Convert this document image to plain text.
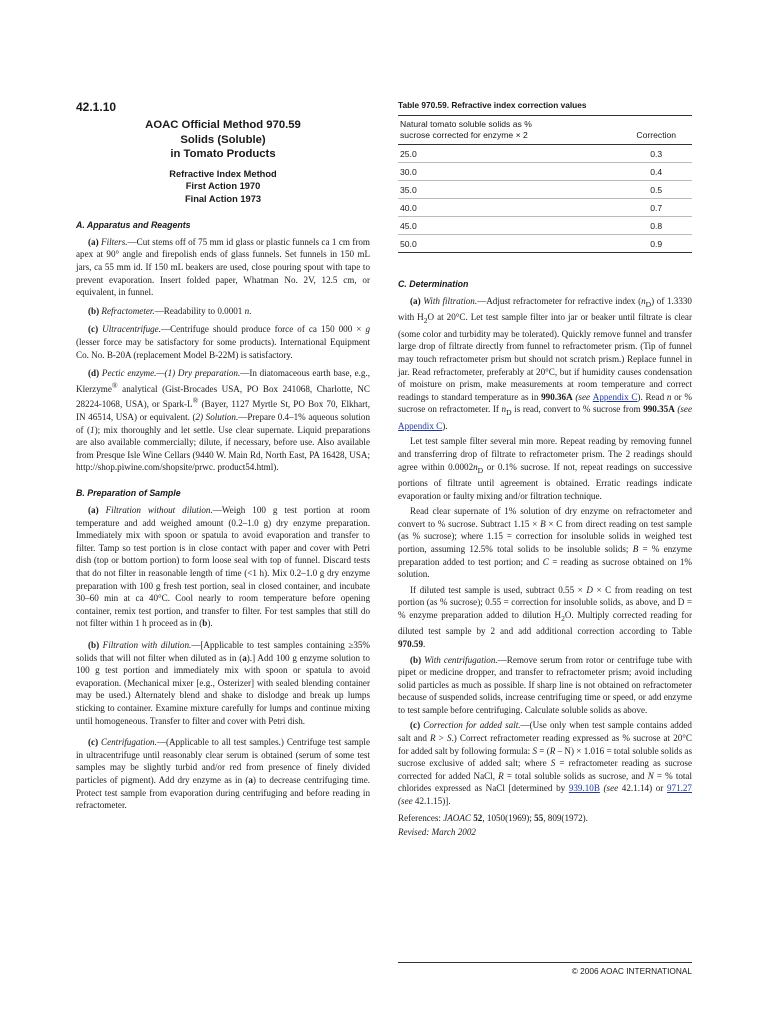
42.1.10
AOAC Official Method 970.59
Solids (Soluble)
in Tomato Products
Refractive Index Method
First Action 1970
Final Action 1973
A. Apparatus and Reagents

(a) Filters.—Cut stems off of 75 mm id glass or plastic funnels ca 1 cm from apex at 90° angle and firepolish ends of glass funnels. Set funnels in 150 mL jars, ca 55 mm id. If 150 mL beakers are used, close pouring spout with tape to prevent evaporation. Insert folded paper, Whatman No. 2V, 12.5 cm, or equivalent, in funnel.

(b) Refractometer.—Readability to 0.0001 n.

(c) Ultracentrifuge.—Centrifuge should produce force of ca 150 000 × g (lesser force may be satisfactory for some products). International Equipment Co. No. B-20A (replacement Model B-22M) is satisfactory.

(d) Pectic enzyme.—(1) Dry preparation.—In diatomaceous earth base, e.g., Klerzyme® analytical (Gist-Brocades USA, PO Box 241068, Charlotte, NC 28224-1068, USA), or Spark-L® (Bayer, 1127 Myrtle St, PO Box 70, Elkhart, IN 46514, USA) or equivalent. (2) Solution.—Prepare 0.4–1% aqueous solution of (1); mix thoroughly and let settle. Use clear supernate. Liquid preparations are also available commercially; dilute, if necessary, before use. Also available from Presque Isle Wine Cellars (9440 W. Main Rd, North East, PA 16428, USA; http://shop.piwine.com/shopsite/prwc. product54.html).

B. Preparation of Sample

(a) Filtration without dilution.—Weigh 100 g test portion at room temperature and add weighed amount (0.2–1.0 g) dry enzyme preparation. Immediately mix with spoon or spatula to avoid evaporation and transfer to filter. Tamp so test portion is in close contact with paper and cover with Petri dish (top or bottom portion) to form loose seal with top of funnel. Discard tests that do not filter in reasonable length of time (<1 h). Mix 0.2–1.0 g dry enzyme preparation with 100 g fresh test portion, seal in closed container, and incubate 30–60 min at ca 40°C. Cool nearly to room temperature before opening container, remix test portion, and transfer to filter. For test samples that still do not filter within 1 h proceed as in (b).

(b) Filtration with dilution.—[Applicable to test samples containing ≥35% solids that will not filter when diluted as in (a).] Add 100 g enzyme solution to 100 g test portion and immediately mix with spoon or spatula to avoid evaporation. (Mechanical mixer [e.g., Osterizer] with sealed blending container may be used.) Alternately blend and shake to dislodge and break up lumps sticking to container. Examine mixture carefully for lumps and continue mixing until homogeneous. Transfer to filter and cover with Petri dish.

(c) Centrifugation.—(Applicable to all test samples.) Centrifuge test sample in ultracentrifuge until reasonably clear serum is obtained (serum of some test samples may be slightly turbid and/or red from presence of finely divided particles of pigment). Add dry enzyme as in (a) to decrease centrifuging time. Protect test sample from evaporation during centrifuging and before reading in refractometer.

Table 970.59. Refractive index correction values
Natural tomato soluble solids as %
sucrose corrected for enzyme × 2	Correction
25.0	0.3
30.0	0.4
35.0	0.5
40.0	0.7
45.0	0.8
50.0	0.9
C. Determination

(a) With filtration.—Adjust refractometer for refractive index $(n_D)$ of 1.3330 with $H_2O$ at 20°C. Let test sample filter into jar or beaker until filtrate is clear (some color and turbidity may be tolerated). Quickly remove funnel and transfer large drop of filtrate directly from funnel to refractometer prism. (Tip of funnel may touch refractometer prism but should not scratch prism.) Replace funnel in jar. Read refractometer, preferably at 20°C, but if humidity causes condensation of moisture on prism, make measurements at room temperature and correct readings to standard temperature as in 990.36A (see Appendix C). Read n or % sucrose on refractometer. If $n_D$ is read, convert to % sucrose from 990.35A (see Appendix C).

Let test sample filter several min more. Repeat reading by removing funnel and transferring drop of filtrate to refractometer prism. The 2 readings should agree within $0.0002n_D$ or 0.1% sucrose. If not, repeat readings on successive portions of filtrate until agreement is obtained. Erratic readings indicate evaporation or faulty mixing and/or filtration technique.

Read clear supernate of 1% solution of dry enzyme on refractometer and convert to % sucrose. Subtract 1.15 × B × C from direct reading on test sample (as % sucrose); where 1.15 = correction for insoluble solids in weighed test portion, assuming 12.5% total solids to be insoluble solids; B = % enzyme preparation added to test portion; and C = reading as sucrose obtained on 1% solution.

If diluted test sample is used, subtract 0.55 × D × C from reading on test portion (as % sucrose); 0.55 = correction for insoluble solids, as above, and D = % enzyme preparation added to dilution $H_2O$. Multiply corrected reading for diluted test sample by 2 and add additional correction according to Table 970.59.

(b) With centrifugation.—Remove serum from rotor or centrifuge tube with pipet or medicine dropper, and transfer to refractometer prism; avoid including solid particles as much as possible. If sharp line is not obtained on refractometer because of suspended solids, increase centrifuging time or speed, or add enzyme to test sample before centrifuging. Calculate soluble solids as above.

(c) Correction for added salt.—(Use only when test sample contains added salt and R > S.) Correct refractometer reading expressed as % sucrose at 20°C for added salt by following formula: S = (R – N) × 1.016 = total soluble solids as sucrose exclusive of added salt; where S = refractometer reading as sucrose corrected for added NaCl, R = total soluble solids as sucrose, and N = % total chlorides expressed as NaCl [determined by 939.10B (see 42.1.14) or 971.27 (see 42.1.15)].

References: JAOAC 52, 1050(1969); 55, 809(1972).
Revised: March 2002
© 2006 AOAC INTERNATIONAL
